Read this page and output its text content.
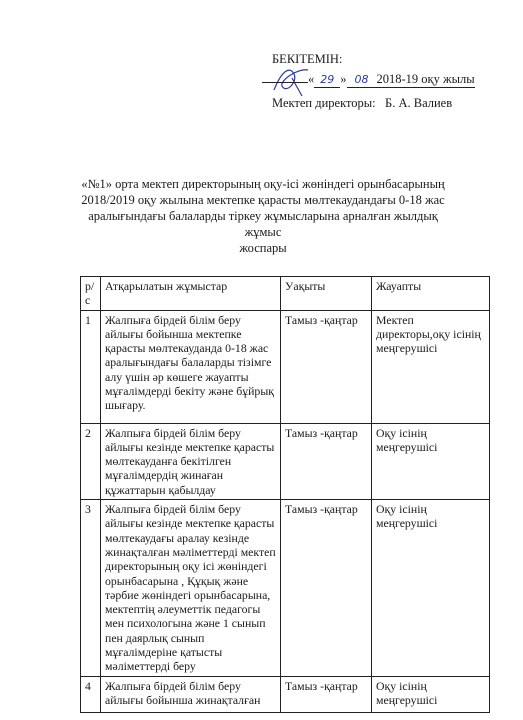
БЕКІТЕМІН:
« 29 » 08 2018-19 оқу жылы
Мектеп директоры: Б. А. Валиев
«№1» орта мектеп директорының оқу-ісі жөніндегі орынбасарының
2018/2019 оқу жылына мектепке қарасты мөлтекаудандағы 0-18 жас
аралығындағы балаларды тіркеу жұмысларына арналған жылдық жұмыс
жоспары
р/с	Атқарылатын жұмыстар	Уақыты	Жауапты
1	Жалпыға бірдей білім беру айлығы бойынша мектепке қарасты мөлтекауданда 0-18 жас аралығындағы балаларды тізімге алу үшін әр көшеге жауапты мұғалімдерді бекіту және бұйрық шығару.	Тамыз -қаңтар	Мектеп директоры,оқу ісінің меңгерушісі
2	Жалпыға бірдей білім беру айлығы кезінде мектепке қарасты мөлтекауданға бекітілген мұғалімдердің жинаған құжаттарын қабылдау	Тамыз -қаңтар	Оқу ісінің меңгерушісі
3	Жалпыға бірдей білім беру айлығы кезінде мектепке қарасты мөлтекаудағы аралау кезінде жинақталған мәліметтерді мектеп директорының оқу ісі жөніндегі орынбасарына , Құқық және тәрбие жөніндегі орынбасарына, мектептің әлеуметтік педагогы мен психологына және 1 сынып пен даярлық сынып мұғалімдеріне қатысты мәліметтерді беру	Тамыз -қаңтар	Оқу ісінің меңгерушісі
4	Жалпыға бірдей білім беру айлығы бойынша жинақталған	Тамыз -қаңтар	Оқу ісінің меңгерушісі
